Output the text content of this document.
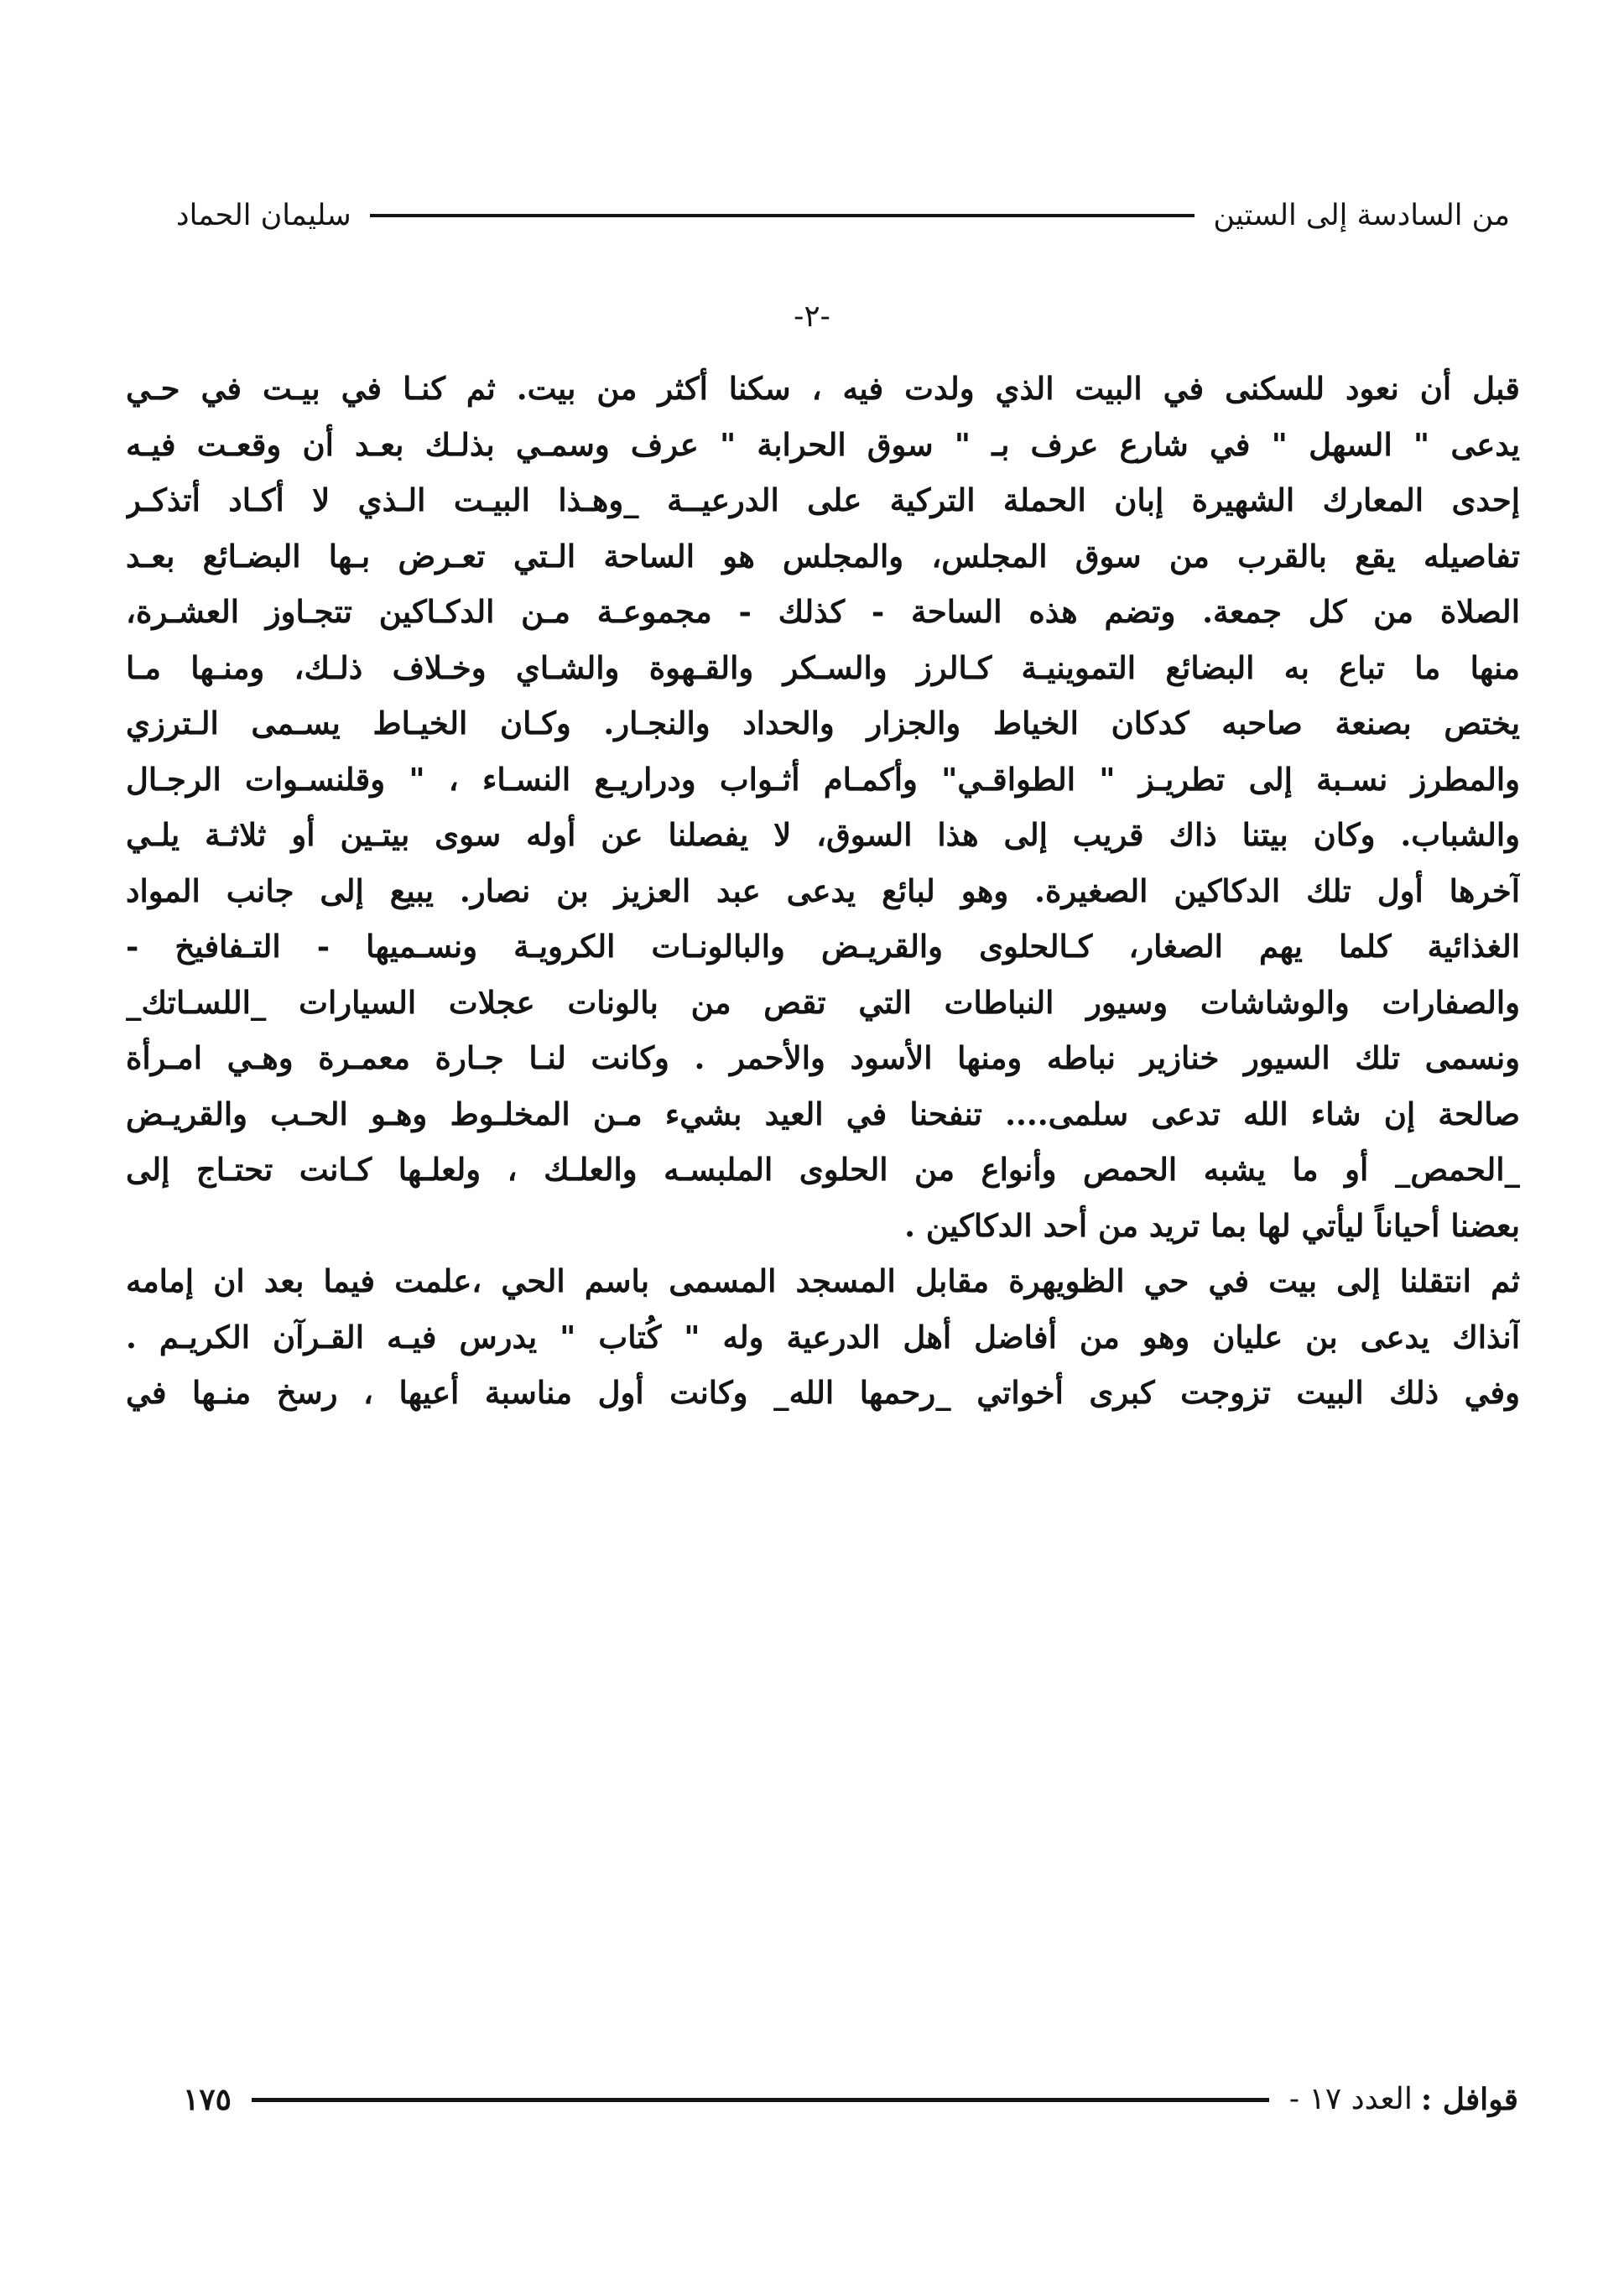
من السادسة إلى الستين
سليمان الحماد
-٢-
قبل أن نعود للسكنى في البيت الذي ولدت فيه ، سكنا أكثر من بيت. ثم كنـا في بيـت في حـي
يدعى " السهل " في شارع عرف بـ " سوق الحرابة " عرف وسمـي بذلـك بعـد أن وقعـت فيـه
إحدى المعارك الشهيرة إبان الحملة التركية على الدرعيــة _وهـذا البيـت الـذي لا أكـاد أتذكـر
تفاصيله يقع بالقرب من سوق المجلس، والمجلس هو الساحة الـتي تعـرض بـها البضـائع بعـد
الصلاة من كل جمعة. وتضم هذه الساحة - كذلك - مجموعـة مـن الدكـاكين تتجـاوز العشـرة،
منها ما تباع به البضائع التموينيـة كـالرز والسـكر والقـهوة والشـاي وخـلاف ذلـك، ومنـها مـا
يختص بصنعة صاحبه كدكان الخياط والجزار والحداد والنجـار. وكـان الخيـاط يسـمى الـترزي
والمطرز نسـبة إلى تطريـز " الطواقـي" وأكمـام أثـواب ودراريـع النسـاء ، " وقلنسـوات الرجـال
والشباب. وكان بيتنا ذاك قريب إلى هذا السوق، لا يفصلنا عن أوله سوى بيتـين أو ثلاثـة يلـي
آخرها أول تلك الدكاكين الصغيرة. وهو لبائع يدعى عبد العزيز بن نصار. يبيع إلى جانب المواد
الغذائية كلما يهم الصغار، كـالحلوى والقريـض والبالونـات الكرويـة ونسـميها - التـفافيخ -
والصفارات والوشاشات وسيور النباطات التي تقص من بالونات عجلات السيارات _اللسـاتك_
ونسمى تلك السيور خنازير نباطه ومنها الأسود والأحمر . وكانت لنـا جـارة معمـرة وهـي امـرأة
صالحة إن شاء الله تدعى سلمى.... تنفحنا في العيد بشيء مـن المخلـوط وهـو الحـب والقريـض
_الحمص_ أو ما يشبه الحمص وأنواع من الحلوى الملبسـه والعلـك ، ولعلـها كـانت تحتـاج إلى
بعضنا أحياناً ليأتي لها بما تريد من أحد الدكاكين .
ثم انتقلنا إلى بيت في حي الظويهرة مقابل المسجد المسمى باسم الحي ،علمت فيما بعد ان إمامه
آنذاك يدعى بن عليان وهو من أفاضل أهل الدرعية وله " كُتاب " يدرس فيـه القـرآن الكريـم .
وفي ذلك البيت تزوجت كبرى أخواتي _رحمها الله_ وكانت أول مناسبة أعيها ، رسخ منـها في
قوافل :
العدد ١٧ -
١٧٥
